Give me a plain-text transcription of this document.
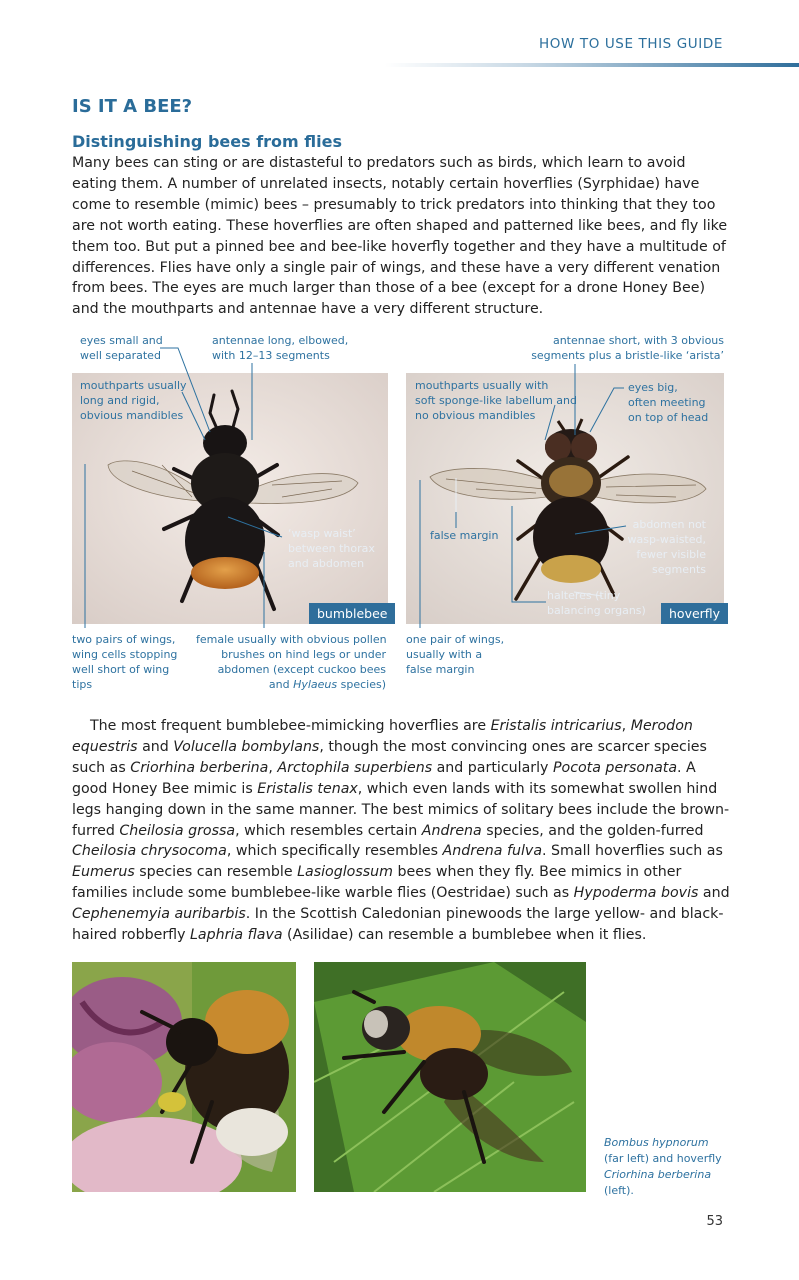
HOW TO USE THIS GUIDE
IS IT A BEE?
Distinguishing bees from flies

Many bees can sting or are distasteful to predators such as birds, which learn to avoid eating them. A number of unrelated insects, notably certain hoverflies (Syrphidae) have come to resemble (mimic) bees – presumably to trick predators into thinking that they too are not worth eating. These hoverflies are often shaped and patterned like bees, and fly like them too. But put a pinned bee and bee-like hoverfly together and they have a multitude of differences. Flies have only a single pair of wings, and these have a very different venation from bees. The eyes are much larger than those of a bee (except for a drone Honey Bee) and the mouthparts and antennae have a very different structure.

bumblebee	hoverfly
eyes small and
well separated
antennae long, elbowed,
with 12–13 segments
mouthparts usually
long and rigid,
obvious mandibles
‘wasp waist’
between thorax
and abdomen
two pairs of wings,
wing cells stopping
well short of wing
tips
female usually with obvious pollen
brushes on hind legs or under
abdomen (except cuckoo bees
and Hylaeus species)
antennae short, with 3 obvious
segments plus a bristle-like ‘arista’
mouthparts usually with
soft sponge-like labellum and
no obvious mandibles
eyes big,
often meeting
on top of head
false margin
abdomen not
wasp-waisted,
fewer visible
segments
halteres (tiny
balancing organs)
one pair of wings,
usually with a
false margin

The most frequent bumblebee-mimicking hoverflies are Eristalis intricarius, Merodon equestris and Volucella bombylans, though the most convincing ones are scarcer species such as Criorhina berberina, Arctophila superbiens and particularly Pocota personata. A good Honey Bee mimic is Eristalis tenax, which even lands with its somewhat swollen hind legs hanging down in the same manner. The best mimics of solitary bees include the brown-furred Cheilosia grossa, which resembles certain Andrena species, and the golden-furred Cheilosia chrysocoma, which specifically resembles Andrena fulva. Small hoverflies such as Eumerus species can resemble Lasioglossum bees when they fly. Bee mimics in other families include some bumblebee-like warble flies (Oestridae) such as Hypoderma bovis and Cephenemyia auribarbis. In the Scottish Caledonian pinewoods the large yellow- and black-haired robberfly Laphria flava (Asilidae) can resemble a bumblebee when it flies.

Bombus hypnorum
(far left) and hoverfly
Criorhina berberina
(left).
53
